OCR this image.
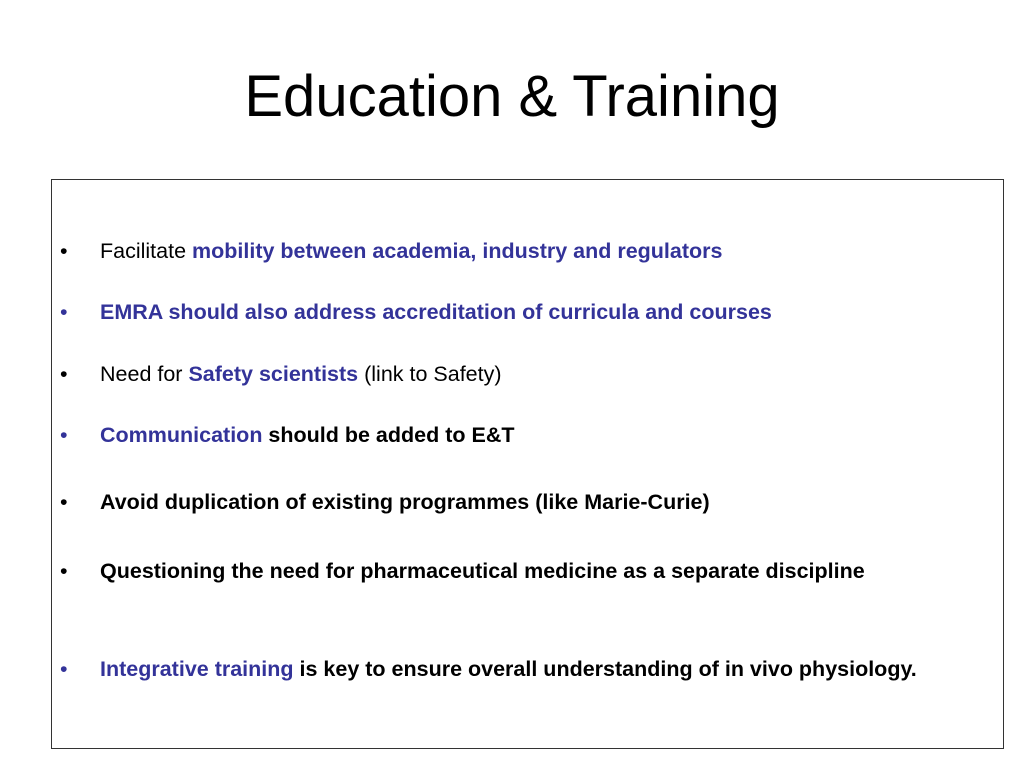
Education & Training
•	Facilitate mobility between academia, industry and regulators
•	EMRA should also address accreditation of curricula and courses
•	Need for Safety scientists (link to Safety)
•	Communication should be added to E&T
•	Avoid duplication of existing programmes (like Marie-Curie)
•	Questioning the need for pharmaceutical medicine as a separate discipline
•	Integrative training is key to ensure overall understanding of in vivo physiology.
